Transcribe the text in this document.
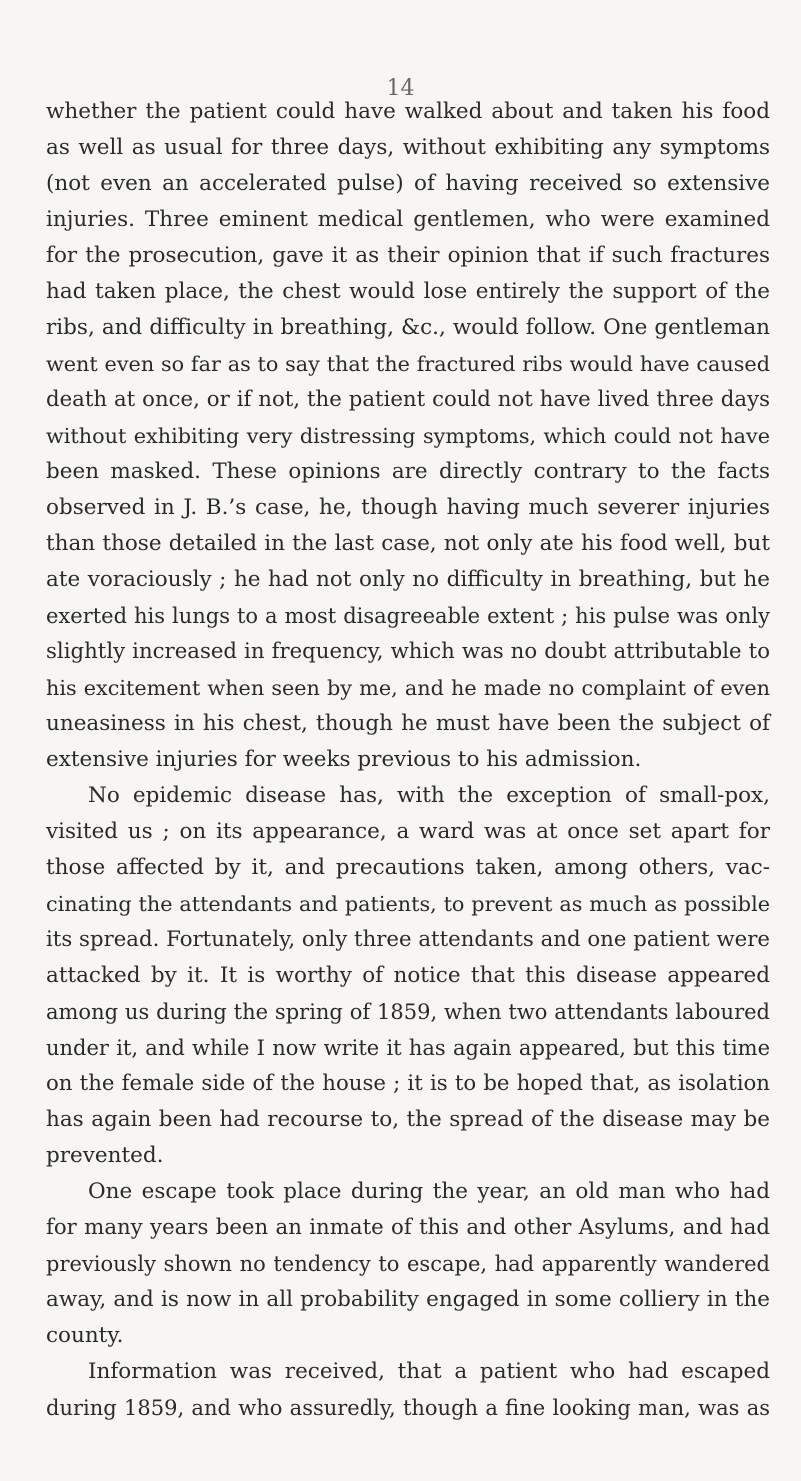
14

whether the patient could have walked about and taken his food

as well as usual for three days, without exhibiting any symptoms

(not even an accelerated pulse) of having received so extensive

injuries. Three eminent medical gentlemen, who were examined

for the prosecution, gave it as their opinion that if such fractures

had taken place, the chest would lose entirely the support of the

ribs, and difficulty in breathing, &c., would follow. One gentleman

went even so far as to say that the fractured ribs would have caused

death at once, or if not, the patient could not have lived three days

without exhibiting very distressing symptoms, which could not have

been masked. These opinions are directly contrary to the facts

observed in J. B.’s case, he, though having much severer injuries

than those detailed in the last case, not only ate his food well, but

ate voraciously ; he had not only no difficulty in breathing, but he

exerted his lungs to a most disagreeable extent ; his pulse was only

slightly increased in frequency, which was no doubt attributable to

his excitement when seen by me, and he made no complaint of even

uneasiness in his chest, though he must have been the subject of

extensive injuries for weeks previous to his admission.

No epidemic disease has, with the exception of small-pox,

visited us ; on its appearance, a ward was at once set apart for

those affected by it, and precautions taken, among others, vac-

cinating the attendants and patients, to prevent as much as possible

its spread. Fortunately, only three attendants and one patient were

attacked by it. It is worthy of notice that this disease appeared

among us during the spring of 1859, when two attendants laboured

under it, and while I now write it has again appeared, but this time

on the female side of the house ; it is to be hoped that, as isolation

has again been had recourse to, the spread of the disease may be

prevented.

One escape took place during the year, an old man who had

for many years been an inmate of this and other Asylums, and had

previously shown no tendency to escape, had apparently wandered

away, and is now in all probability engaged in some colliery in the

county.

Information was received, that a patient who had escaped

during 1859, and who assuredly, though a fine looking man, was as
